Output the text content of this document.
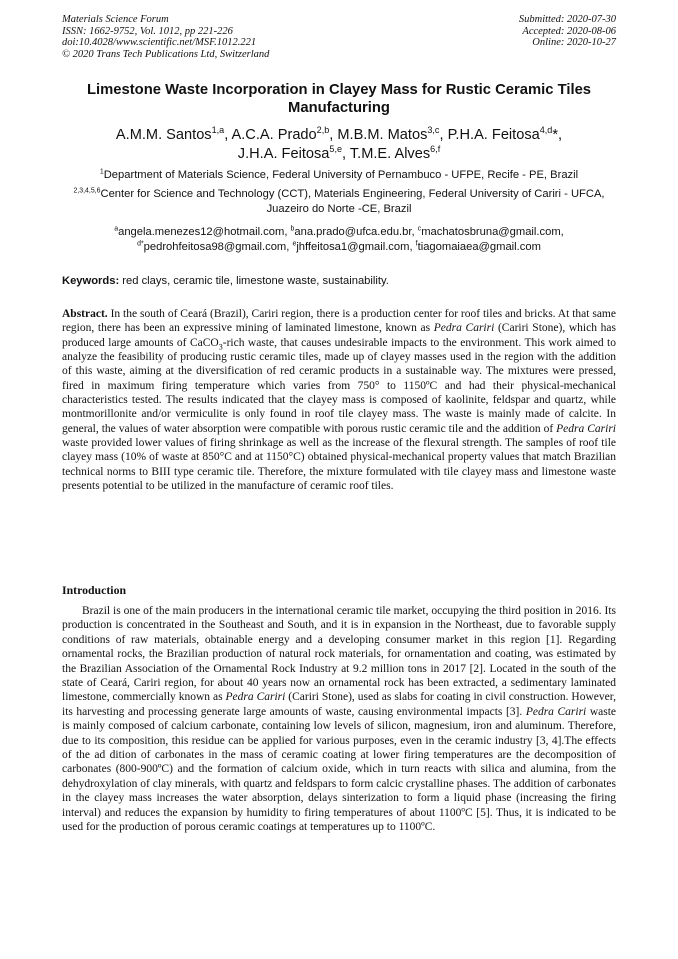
Materials Science Forum
ISSN: 1662-9752, Vol. 1012, pp 221-226
doi:10.4028/www.scientific.net/MSF.1012.221
© 2020 Trans Tech Publications Ltd, Switzerland
Submitted: 2020-07-30
Accepted: 2020-08-06
Online: 2020-10-27
Limestone Waste Incorporation in Clayey Mass for Rustic Ceramic Tiles Manufacturing
A.M.M. Santos$^{1,a}$, A.C.A. Prado$^{2,b}$, M.B.M. Matos$^{3,c}$, P.H.A. Feitosa$^{4,d}$*,
J.H.A. Feitosa$^{5,e}$, T.M.E. Alves$^{6,f}$
$^1$Department of Materials Science, Federal University of Pernambuco - UFPE, Recife - PE, Brazil
$^{2,3,4,5,6}$Center for Science and Technology (CCT), Materials Engineering, Federal University of Cariri - UFCA, Juazeiro do Norte -CE, Brazil
$^a$angela.menezes12@hotmail.com, $^b$ana.prado@ufca.edu.br, $^c$machatosbruna@gmail.com,
$^{d*}$pedrohfeitosa98@gmail.com, $^e$jhffeitosa1@gmail.com, $^f$tiagomaiaea@gmail.com
Keywords: red clays, ceramic tile, limestone waste, sustainability.
Abstract. In the south of Ceará (Brazil), Cariri region, there is a production center for roof tiles and bricks. At that same region, there has been an expressive mining of laminated limestone, known as Pedra Cariri (Cariri Stone), which has produced large amounts of CaCO$_3$-rich waste, that causes undesirable impacts to the environment. This work aimed to analyze the feasibility of producing rustic ceramic tiles, made up of clayey masses used in the region with the addition of this waste, aiming at the diversification of red ceramic products in a sustainable way. The mixtures were pressed, fired in maximum firing temperature which varies from 750° to 1150ºC and had their physical-mechanical characteristics tested. The results indicated that the clayey mass is composed of kaolinite, feldspar and quartz, while montmorillonite and/or vermiculite is only found in roof tile clayey mass. The waste is mainly made of calcite. In general, the values of water absorption were compatible with porous rustic ceramic tile and the addition of Pedra Cariri waste provided lower values of firing shrinkage as well as the increase of the flexural strength. The samples of roof tile clayey mass (10% of waste at 850°C and at 1150°C) obtained physical-mechanical property values that match Brazilian technical norms to BIII type ceramic tile. Therefore, the mixture formulated with tile clayey mass and limestone waste presents potential to be utilized in the manufacture of ceramic roof tiles.
Introduction
Brazil is one of the main producers in the international ceramic tile market, occupying the third position in 2016. Its production is concentrated in the Southeast and South, and it is in expansion in the Northeast, due to favorable supply conditions of raw materials, obtainable energy and a developing consumer market in this region [1]. Regarding ornamental rocks, the Brazilian production of natural rock materials, for ornamentation and coating, was estimated by the Brazilian Association of the Ornamental Rock Industry at 9.2 million tons in 2017 [2]. Located in the south of the state of Ceará, Cariri region, for about 40 years now an ornamental rock has been extracted, a sedimentary laminated limestone, commercially known as Pedra Cariri (Cariri Stone), used as slabs for coating in civil construction. However, its harvesting and processing generate large amounts of waste, causing environmental impacts [3]. Pedra Cariri waste is mainly composed of calcium carbonate, containing low levels of silicon, magnesium, iron and aluminum. Therefore, due to its composition, this residue can be applied for various purposes, even in the ceramic industry [3, 4].The effects of the ad dition of carbonates in the mass of ceramic coating at lower firing temperatures are the decomposition of carbonates (800-900ºC) and the formation of calcium oxide, which in turn reacts with silica and alumina, from the dehydroxylation of clay minerals, with quartz and feldspars to form calcic crystalline phases. The addition of carbonates in the clayey mass increases the water absorption, delays sinterization to form a liquid phase (increasing the firing interval) and reduces the expansion by humidity to firing temperatures of about 1100ºC [5]. Thus, it is indicated to be used for the production of porous ceramic coatings at temperatures up to 1100ºC.
